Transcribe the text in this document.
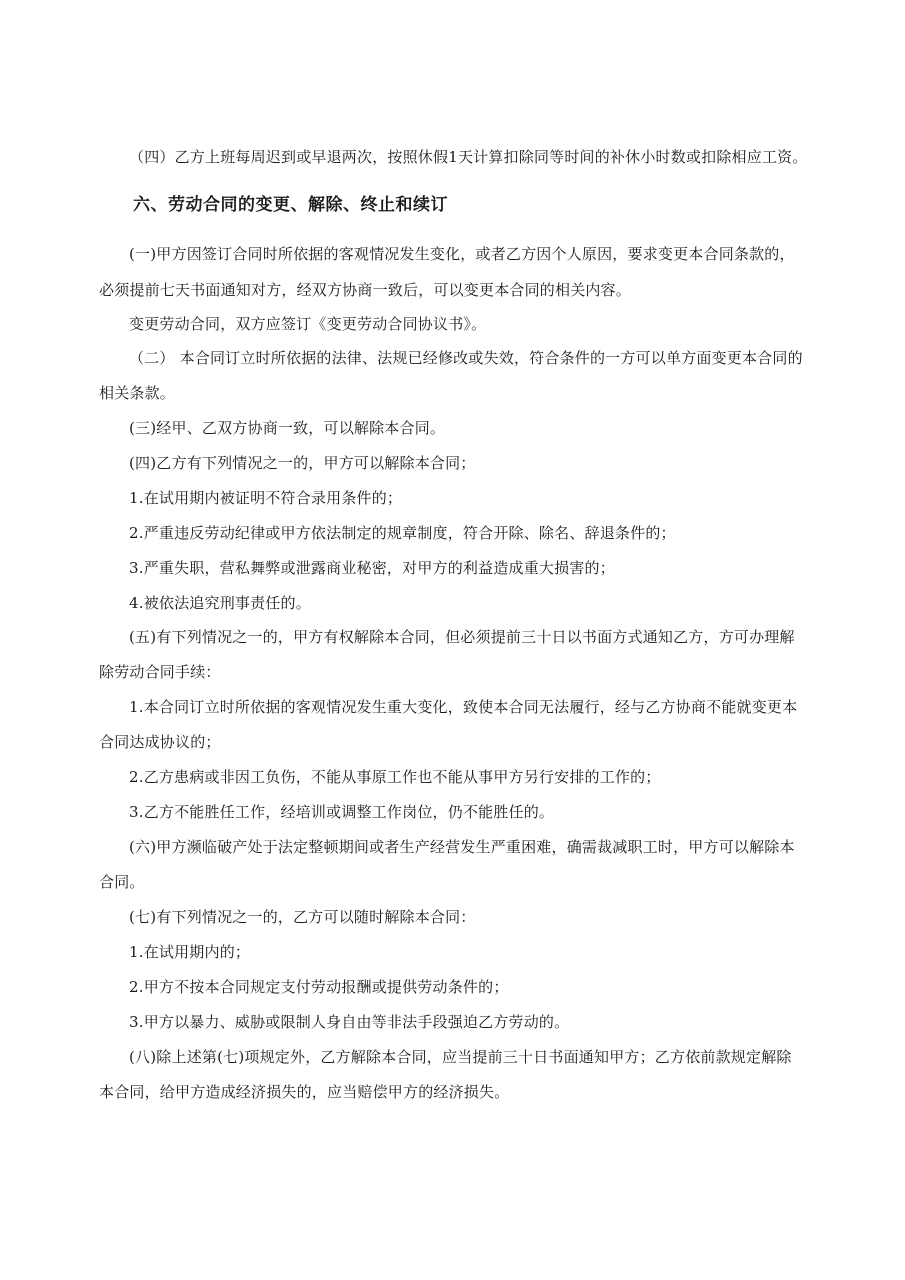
（四）乙方上班每周迟到或早退两次，按照休假1天计算扣除同等时间的补休小时数或扣除相应工资。
六、劳动合同的变更、解除、终止和续订
(一)甲方因签订合同时所依据的客观情况发生变化，或者乙方因个人原因，要求变更本合同条款的，
必须提前七天书面通知对方，经双方协商一致后，可以变更本合同的相关内容。
变更劳动合同，双方应签订《变更劳动合同协议书》。
（二） 本合同订立时所依据的法律、法规已经修改或失效，符合条件的一方可以单方面变更本合同的
相关条款。
(三)经甲、乙双方协商一致，可以解除本合同。
(四)乙方有下列情况之一的，甲方可以解除本合同；
1.在试用期内被证明不符合录用条件的；
2.严重违反劳动纪律或甲方依法制定的规章制度，符合开除、除名、辞退条件的；
3.严重失职，营私舞弊或泄露商业秘密，对甲方的利益造成重大损害的；
4.被依法追究刑事责任的。
(五)有下列情况之一的，甲方有权解除本合同，但必须提前三十日以书面方式通知乙方，方可办理解
除劳动合同手续：
1.本合同订立时所依据的客观情况发生重大变化，致使本合同无法履行，经与乙方协商不能就变更本
合同达成协议的；
2.乙方患病或非因工负伤，不能从事原工作也不能从事甲方另行安排的工作的；
3.乙方不能胜任工作，经培训或调整工作岗位，仍不能胜任的。
(六)甲方濒临破产处于法定整顿期间或者生产经营发生严重困难，确需裁减职工时，甲方可以解除本
合同。
(七)有下列情况之一的，乙方可以随时解除本合同：
1.在试用期内的；
2.甲方不按本合同规定支付劳动报酬或提供劳动条件的；
3.甲方以暴力、威胁或限制人身自由等非法手段强迫乙方劳动的。
(八)除上述第(七)项规定外，乙方解除本合同，应当提前三十日书面通知甲方；乙方依前款规定解除
本合同，给甲方造成经济损失的，应当赔偿甲方的经济损失。
